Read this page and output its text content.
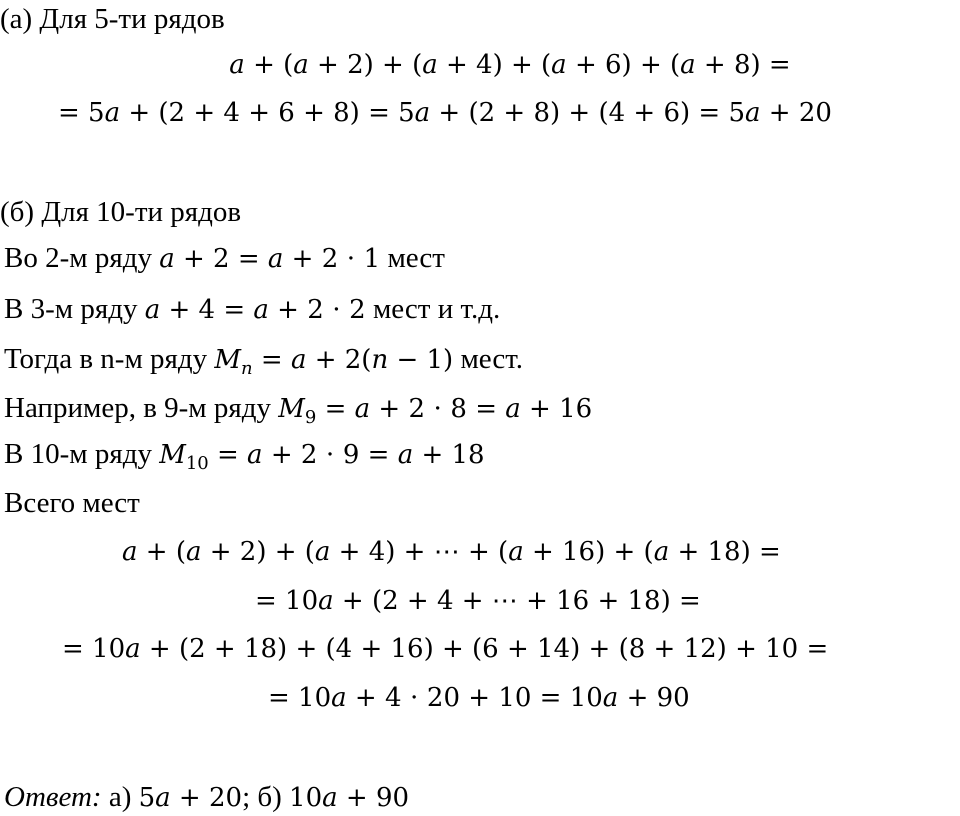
(а) Для 5-ти рядов
𝑎 + (𝑎 + 2) + (𝑎 + 4) + (𝑎 + 6) + (𝑎 + 8) =
= 5𝑎 + (2 + 4 + 6 + 8) = 5𝑎 + (2 + 8) + (4 + 6) = 5𝑎 + 20
(б) Для 10-ти рядов
Во 2-м ряду 𝑎 + 2 = 𝑎 + 2 ⋅ 1 мест
В 3-м ряду 𝑎 + 4 = 𝑎 + 2 ⋅ 2 мест и т.д.
Тогда в n-м ряду 𝑀$_𝑛$ = 𝑎 + 2(𝑛 − 1) мест.
Например, в 9-м ряду 𝑀$_9$ = 𝑎 + 2 ⋅ 8 = 𝑎 + 16
В 10-м ряду 𝑀$_{10}$ = 𝑎 + 2 ⋅ 9 = 𝑎 + 18
Всего мест
𝑎 + (𝑎 + 2) + (𝑎 + 4) + ⋯ + (𝑎 + 16) + (𝑎 + 18) =
= 10𝑎 + (2 + 4 + ⋯ + 16 + 18) =
= 10𝑎 + (2 + 18) + (4 + 16) + (6 + 14) + (8 + 12) + 10 =
= 10𝑎 + 4 ⋅ 20 + 10 = 10𝑎 + 90
Ответ: а) 5𝑎 + 20; б) 10𝑎 + 90
